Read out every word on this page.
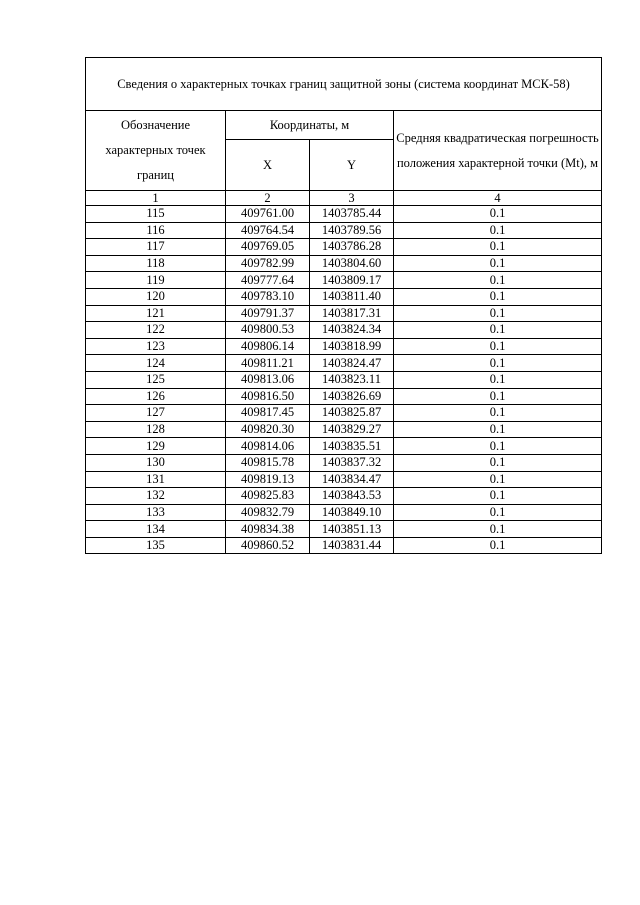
Сведения о характерных точках границ защитной зоны (система координат МСК-58)			
Обозначение характерных точек границ	Координаты, м		Средняя квадратическая погрешность положения характерной точки (Mt), м
	X	Y	
1	2	3	4
115	409761.00	1403785.44	0.1
116	409764.54	1403789.56	0.1
117	409769.05	1403786.28	0.1
118	409782.99	1403804.60	0.1
119	409777.64	1403809.17	0.1
120	409783.10	1403811.40	0.1
121	409791.37	1403817.31	0.1
122	409800.53	1403824.34	0.1
123	409806.14	1403818.99	0.1
124	409811.21	1403824.47	0.1
125	409813.06	1403823.11	0.1
126	409816.50	1403826.69	0.1
127	409817.45	1403825.87	0.1
128	409820.30	1403829.27	0.1
129	409814.06	1403835.51	0.1
130	409815.78	1403837.32	0.1
131	409819.13	1403834.47	0.1
132	409825.83	1403843.53	0.1
133	409832.79	1403849.10	0.1
134	409834.38	1403851.13	0.1
135	409860.52	1403831.44	0.1
